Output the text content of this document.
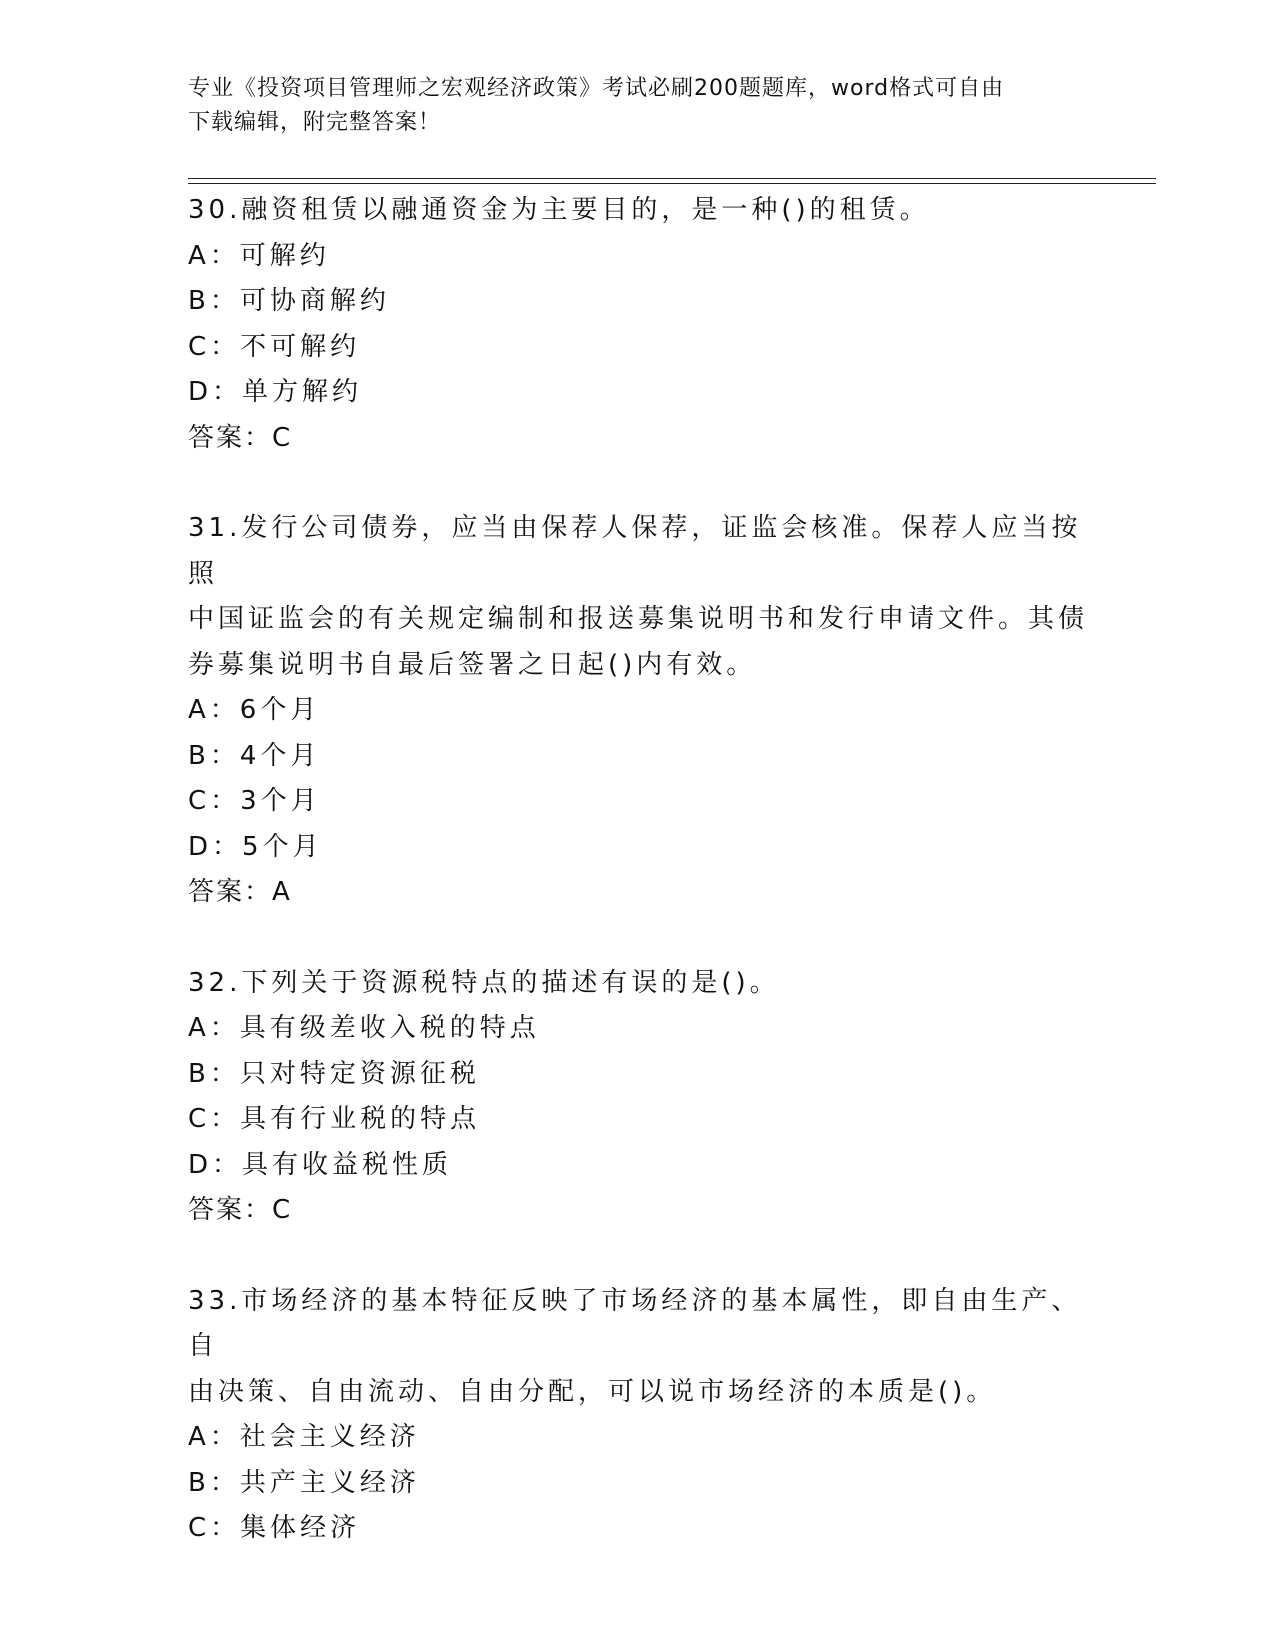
专业《投资项目管理师之宏观经济政策》考试必刷200题题库，word格式可自由
下载编辑，附完整答案！
30.融资租赁以融通资金为主要目的，是一种()的租赁。
A：可解约
B：可协商解约
C：不可解约
D：单方解约
答案：C
31.发行公司债券，应当由保荐人保荐，证监会核准。保荐人应当按照
中国证监会的有关规定编制和报送募集说明书和发行申请文件。其债
券募集说明书自最后签署之日起()内有效。
A：6个月
B：4个月
C：3个月
D：5个月
答案：A
32.下列关于资源税特点的描述有误的是()。
A：具有级差收入税的特点
B：只对特定资源征税
C：具有行业税的特点
D：具有收益税性质
答案：C
33.市场经济的基本特征反映了市场经济的基本属性，即自由生产、自
由决策、自由流动、自由分配，可以说市场经济的本质是()。
A：社会主义经济
B：共产主义经济
C：集体经济
